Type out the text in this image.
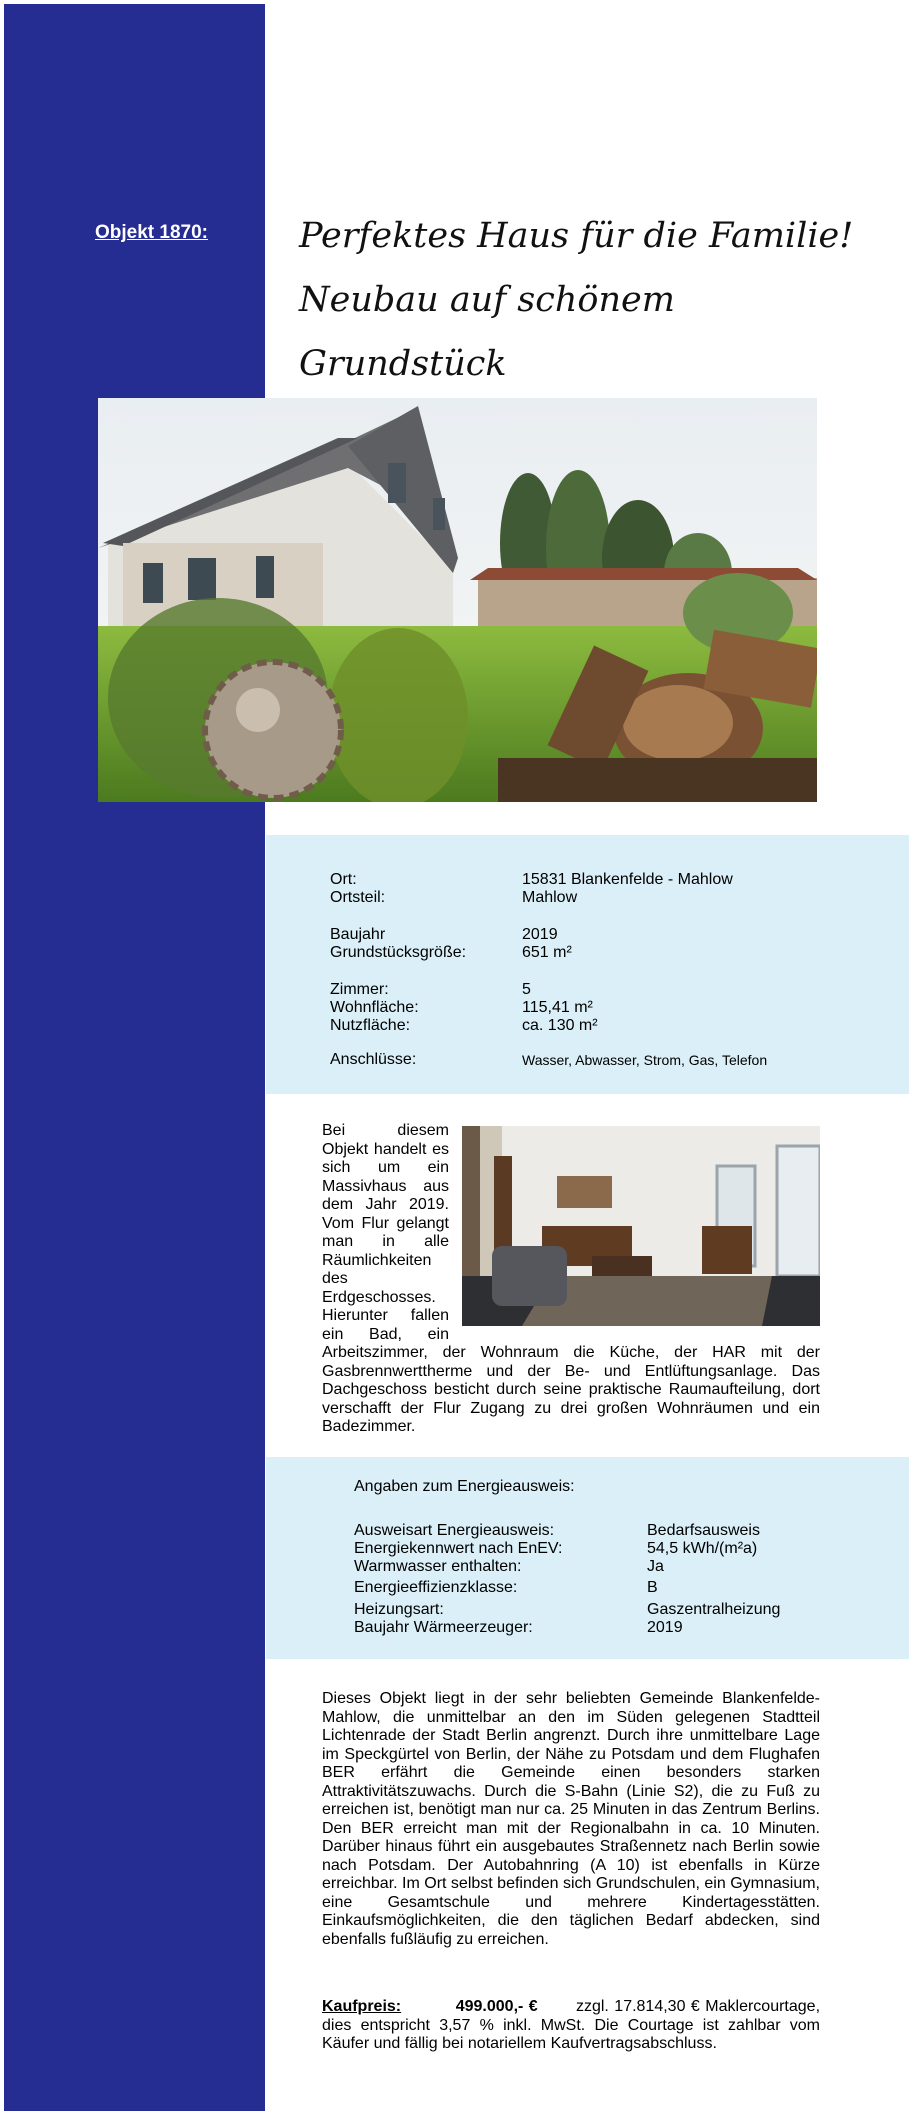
Objekt 1870:	Perfektes Haus für die Familie! Neubau auf schönem Grundstück
Ort:	15831 Blankenfelde - Mahlow
Ortsteil:	Mahlow
Baujahr	2019
Grundstücksgröße:	651 m²
Zimmer:	5
Wohnfläche:	115,41 m²
Nutzfläche:	ca. 130 m²
Anschlüsse:	Wasser, Abwasser, Strom, Gas, Telefon
Bei diesem Objekt handelt es sich um ein Massivhaus aus dem Jahr 2019. Vom Flur gelangt man in alle Räumlichkeiten des Erdgeschosses. Hierunter fallen ein Bad, ein Arbeitszimmer, der Wohnraum die Küche, der HAR mit der Gasbrennwerttherme und der Be- und Entlüftungsanlage. Das Dachgeschoss besticht durch seine praktische Raumaufteilung, dort verschafft der Flur Zugang zu drei großen Wohnräumen und ein Badezimmer.
Angaben zum Energieausweis:
Ausweisart Energieausweis:	Bedarfsausweis
Energiekennwert nach EnEV:	54,5 kWh/(m²a)
Warmwasser enthalten:	Ja
Energieeffizienzklasse:	B
Heizungsart:	Gaszentralheizung
Baujahr Wärmeerzeuger:	2019
Dieses Objekt liegt in der sehr beliebten Gemeinde Blankenfelde-Mahlow, die unmittelbar an den im Süden gelegenen Stadtteil Lichtenrade der Stadt Berlin angrenzt. Durch ihre unmittelbare Lage im Speckgürtel von Berlin, der Nähe zu Potsdam und dem Flughafen BER erfährt die Gemeinde einen besonders starken Attraktivitätszuwachs. Durch die S-Bahn (Linie S2), die zu Fuß zu erreichen ist, benötigt man nur ca. 25 Minuten in das Zentrum Berlins. Den BER erreicht man mit der Regionalbahn in ca. 10 Minuten. Darüber hinaus führt ein ausgebautes Straßennetz nach Berlin sowie nach Potsdam. Der Autobahnring (A 10) ist ebenfalls in Kürze erreichbar. Im Ort selbst befinden sich Grundschulen, ein Gymnasium, eine Gesamtschule und mehrere Kindertagesstätten. Einkaufsmöglichkeiten, die den täglichen Bedarf abdecken, sind ebenfalls fußläufig zu erreichen.
Kaufpreis:	499.000,- € zzgl. 17.814,30 € Maklercourtage, dies entspricht 3,57 % inkl. MwSt. Die Courtage ist zahlbar vom Käufer und fällig bei notariellem Kaufvertragsabschluss.
